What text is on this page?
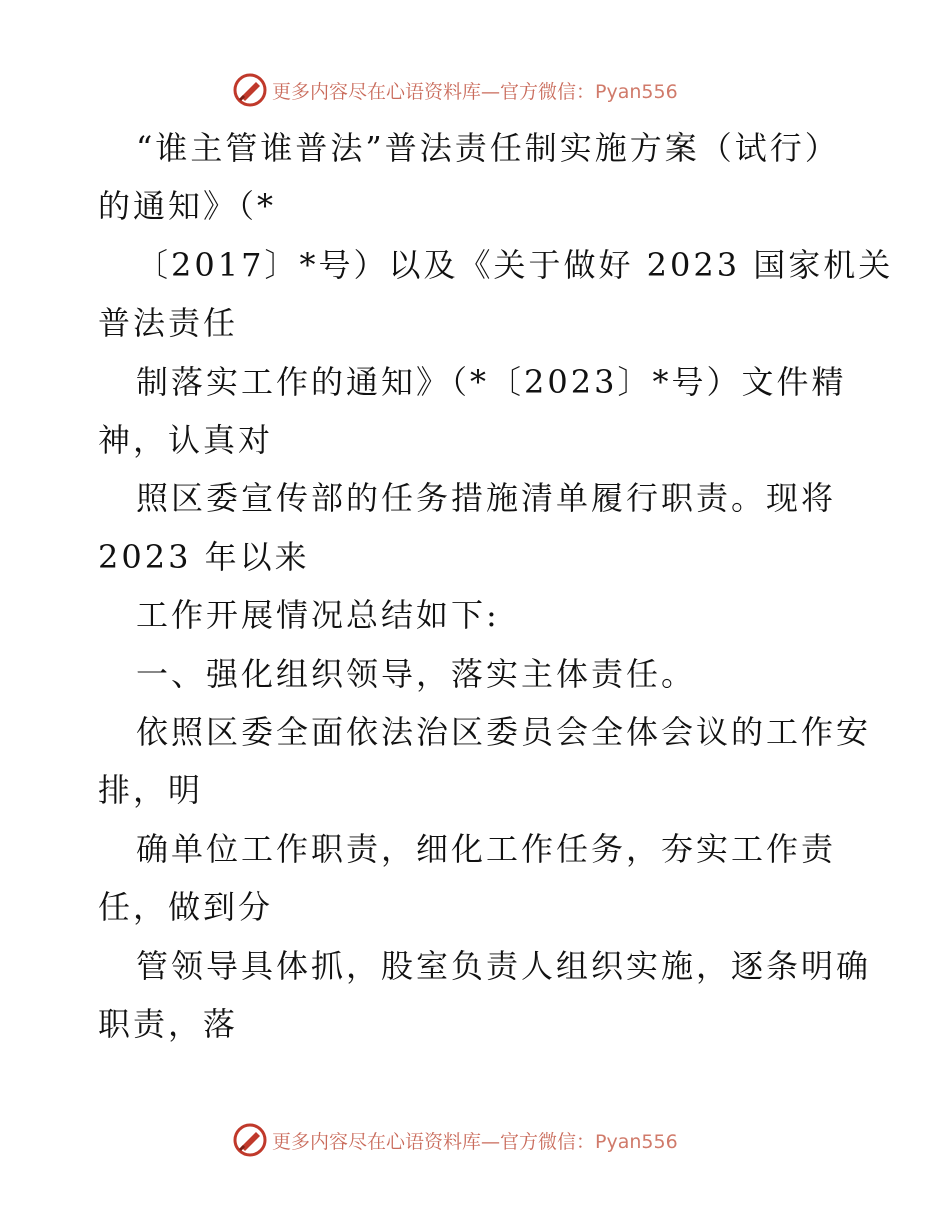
更多内容尽在心语资料库—官方微信：Pyan556
“谁主管谁普法”普法责任制实施方案（试行）
的通知》（*
〔2017〕*号）以及《关于做好 2023 国家机关
普法责任
制落实工作的通知》（*〔2023〕*号）文件精
神，认真对
照区委宣传部的任务措施清单履行职责。现将
2023 年以来
工作开展情况总结如下:
一、强化组织领导，落实主体责任。
依照区委全面依法治区委员会全体会议的工作安
排，明
确单位工作职责，细化工作任务，夯实工作责
任，做到分
管领导具体抓，股室负责人组织实施，逐条明确
职责，落
更多内容尽在心语资料库—官方微信：Pyan556
